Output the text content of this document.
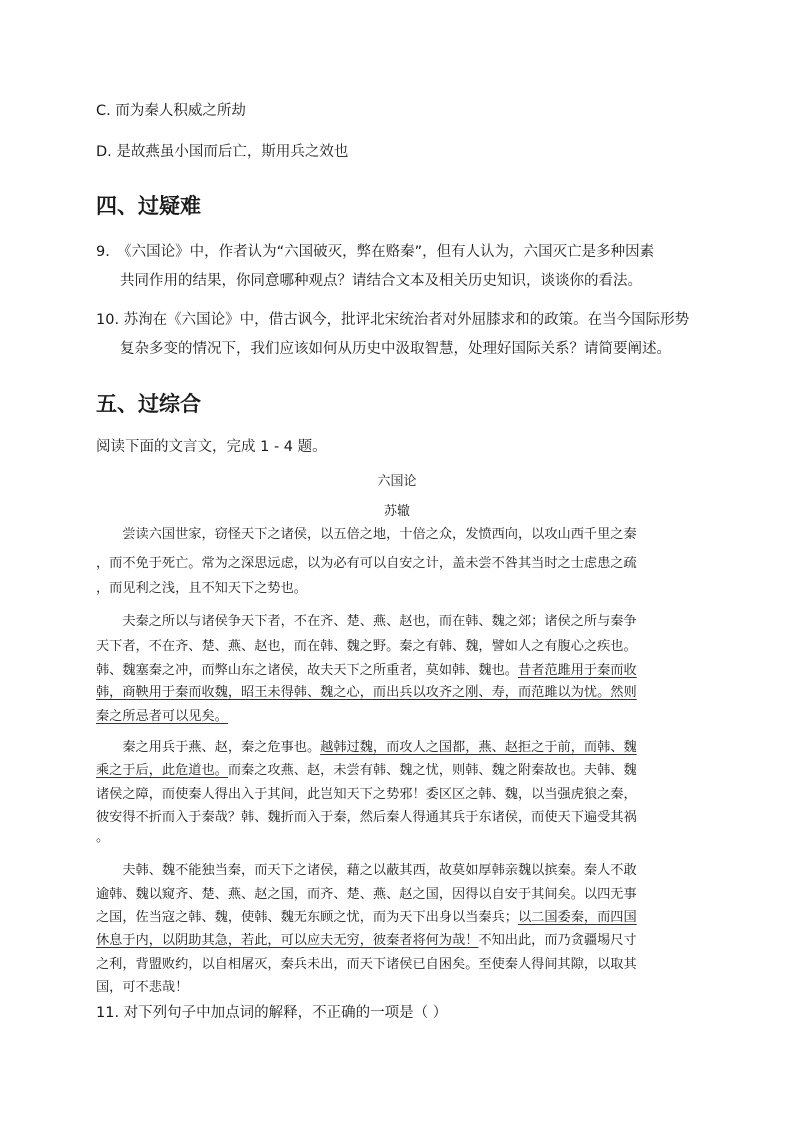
C. 而为秦人积威之所劫
D. 是故燕虽小国而后亡，斯用兵之效也
四、过疑难
9.　《六国论》中，作者认为“六国破灭，弊在赂秦”，但有人认为，六国灭亡是多种因素
共同作用的结果，你同意哪种观点？请结合文本及相关历史知识，谈谈你的看法。
10. 苏洵在《六国论》中，借古讽今，批评北宋统治者对外屈膝求和的政策。在当今国际形势
复杂多变的情况下，我们应该如何从历史中汲取智慧，处理好国际关系？请简要阐述。
五、过综合
阅读下面的文言文，完成 1 - 4 题。
六国论
苏辙
　　尝读六国世家，窃怪天下之诸侯，以五倍之地，十倍之众，发愤西向，以攻山西千里之秦
，而不免于死亡。常为之深思远虑，以为必有可以自安之计，盖未尝不咎其当时之士虑患之疏
，而见利之浅，且不知天下之势也。
　　夫秦之所以与诸侯争天下者，不在齐、楚、燕、赵也，而在韩、魏之郊；诸侯之所与秦争
天下者，不在齐、楚、燕、赵也，而在韩、魏之野。秦之有韩、魏，譬如人之有腹心之疾也。
韩、魏塞秦之冲，而弊山东之诸侯，故夫天下之所重者，莫如韩、魏也。昔者范雎用于秦而收
韩，商鞅用于秦而收魏，昭王未得韩、魏之心，而出兵以攻齐之刚、寿，而范雎以为忧。然则
秦之所忌者可以见矣。
　　秦之用兵于燕、赵，秦之危事也。越韩过魏，而攻人之国都，燕、赵拒之于前，而韩、魏
乘之于后，此危道也。而秦之攻燕、赵，未尝有韩、魏之忧，则韩、魏之附秦故也。夫韩、魏
诸侯之障，而使秦人得出入于其间，此岂知天下之势邪！委区区之韩、魏，以当强虎狼之秦，
彼安得不折而入于秦哉？韩、魏折而入于秦，然后秦人得通其兵于东诸侯，而使天下遍受其祸
。
　　夫韩、魏不能独当秦，而天下之诸侯，藉之以蔽其西，故莫如厚韩亲魏以摈秦。秦人不敢
逾韩、魏以窥齐、楚、燕、赵之国，而齐、楚、燕、赵之国，因得以自安于其间矣。以四无事
之国，佐当寇之韩、魏，使韩、魏无东顾之忧，而为天下出身以当秦兵；以二国委秦，而四国
休息于内，以阴助其急，若此，可以应夫无穷，彼秦者将何为哉！不知出此，而乃贪疆埸尺寸
之利，背盟败约，以自相屠灭，秦兵未出，而天下诸侯已自困矣。至使秦人得间其隙，以取其
国，可不悲哉！
11. 对下列句子中加点词的解释，不正确的一项是（ ）
